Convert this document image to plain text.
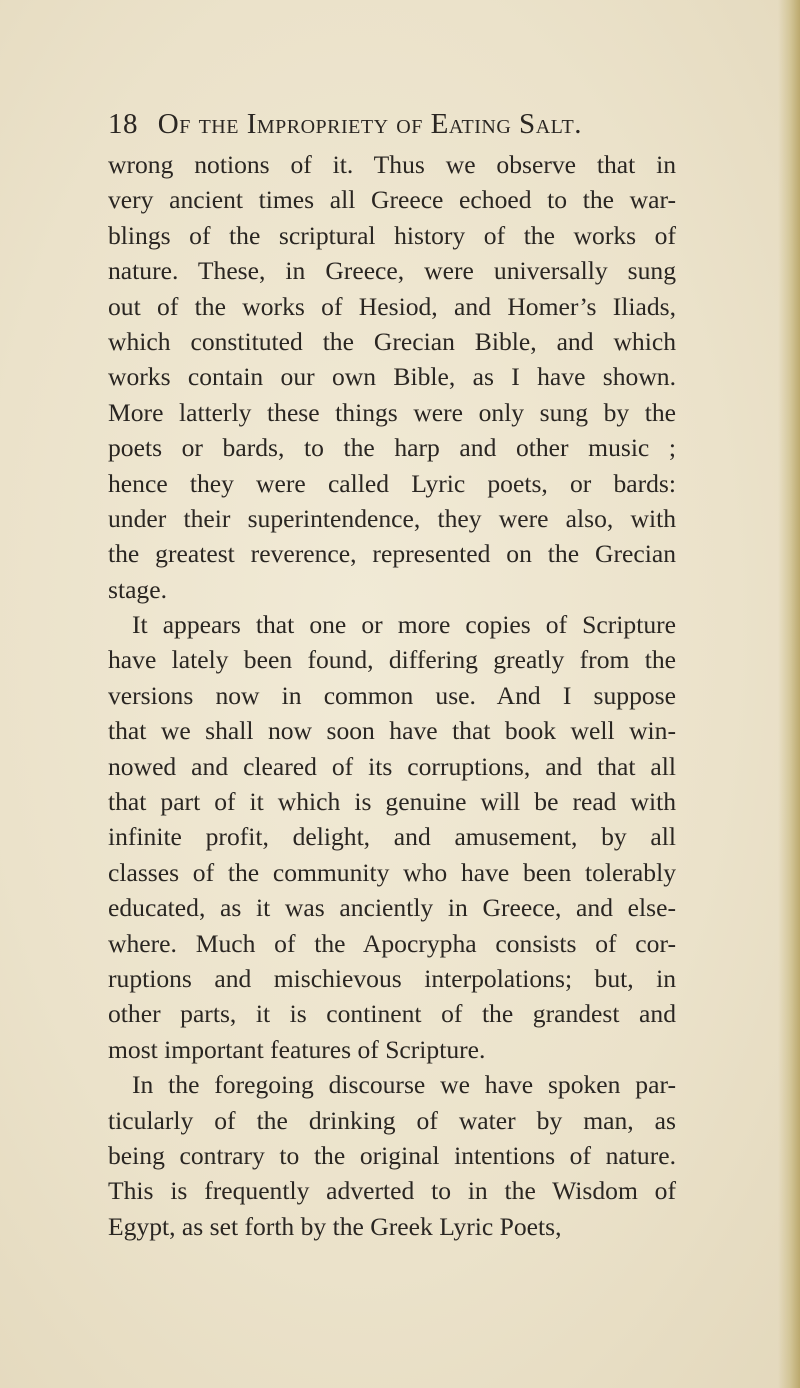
18 Of the Impropriety of Eating Salt.
wrong notions of it. Thus we observe that in
very ancient times all Greece echoed to the war-
blings of the scriptural history of the works of
nature. These, in Greece, were universally sung
out of the works of Hesiod, and Homer’s Iliads,
which constituted the Grecian Bible, and which
works contain our own Bible, as I have shown.
More latterly these things were only sung by the
poets or bards, to the harp and other music ;
hence they were called Lyric poets, or bards:
under their superintendence, they were also, with
the greatest reverence, represented on the Grecian
stage.
It appears that one or more copies of Scripture
have lately been found, differing greatly from the
versions now in common use. And I suppose
that we shall now soon have that book well win-
nowed and cleared of its corruptions, and that all
that part of it which is genuine will be read with
infinite profit, delight, and amusement, by all
classes of the community who have been tolerably
educated, as it was anciently in Greece, and else-
where. Much of the Apocrypha consists of cor-
ruptions and mischievous interpolations; but, in
other parts, it is continent of the grandest and
most important features of Scripture.
In the foregoing discourse we have spoken par-
ticularly of the drinking of water by man, as
being contrary to the original intentions of nature.
This is frequently adverted to in the Wisdom of
Egypt, as set forth by the Greek Lyric Poets,
